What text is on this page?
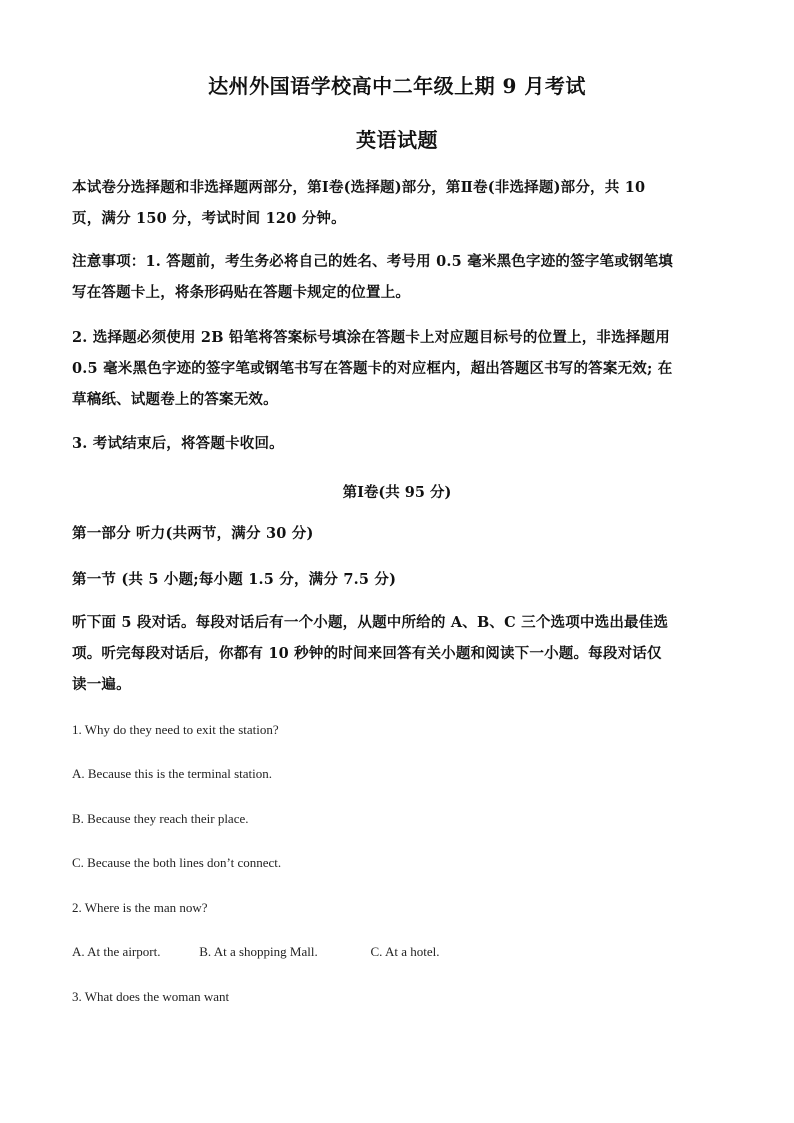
达州外国语学校高中二年级上期 9 月考试
英语试题
本试卷分选择题和非选择题两部分，第Ⅰ卷(选择题)部分，第Ⅱ卷(非选择题)部分，共 10
页，满分 150 分，考试时间 120 分钟。
注意事项：1. 答题前，考生务必将自己的姓名、考号用 0.5 毫米黑色字迹的签字笔或钢笔填
写在答题卡上，将条形码贴在答题卡规定的位置上。
2. 选择题必须使用 2B 铅笔将答案标号填涂在答题卡上对应题目标号的位置上，非选择题用
0.5 毫米黑色字迹的签字笔或钢笔书写在答题卡的对应框内，超出答题区书写的答案无效; 在
草稿纸、试题卷上的答案无效。
3. 考试结束后，将答题卡收回。
第Ⅰ卷(共 95 分)
第一部分 听力(共两节，满分 30 分)
第一节 (共 5 小题;每小题 1.5 分，满分 7.5 分)
听下面 5 段对话。每段对话后有一个小题，从题中所给的 A、B、C 三个选项中选出最佳选
项。听完每段对话后，你都有 10 秒钟的时间来回答有关小题和阅读下一小题。每段对话仅
读一遍。
1. Why do they need to exit the station?
A. Because this is the terminal station.
B. Because they reach their place.
C. Because the both lines don’t connect.
2. Where is the man now?
A. At the airport.	B. At a shopping Mall.	C. At a hotel.
3. What does the woman want
